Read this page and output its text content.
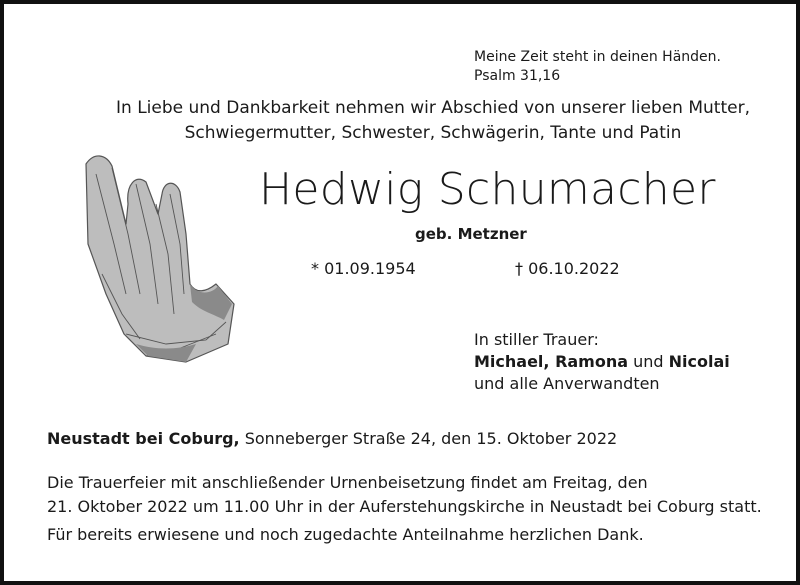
Meine Zeit steht in deinen Händen.
Psalm 31,16
In Liebe und Dankbarkeit nehmen wir Abschied von unserer lieben Mutter,
Schwiegermutter, Schwester, Schwägerin, Tante und Patin
Hedwig Schumacher
geb. Metzner
* 01.09.1954	† 06.10.2022
In stiller Trauer:
Michael, Ramona und Nicolai
und alle Anverwandten
Neustadt bei Coburg, Sonneberger Straße 24, den 15. Oktober 2022
Die Trauerfeier mit anschließender Urnenbeisetzung findet am Freitag, den
21. Oktober 2022 um 11.00 Uhr in der Auferstehungskirche in Neustadt bei Coburg statt.
Für bereits erwiesene und noch zugedachte Anteilnahme herzlichen Dank.
